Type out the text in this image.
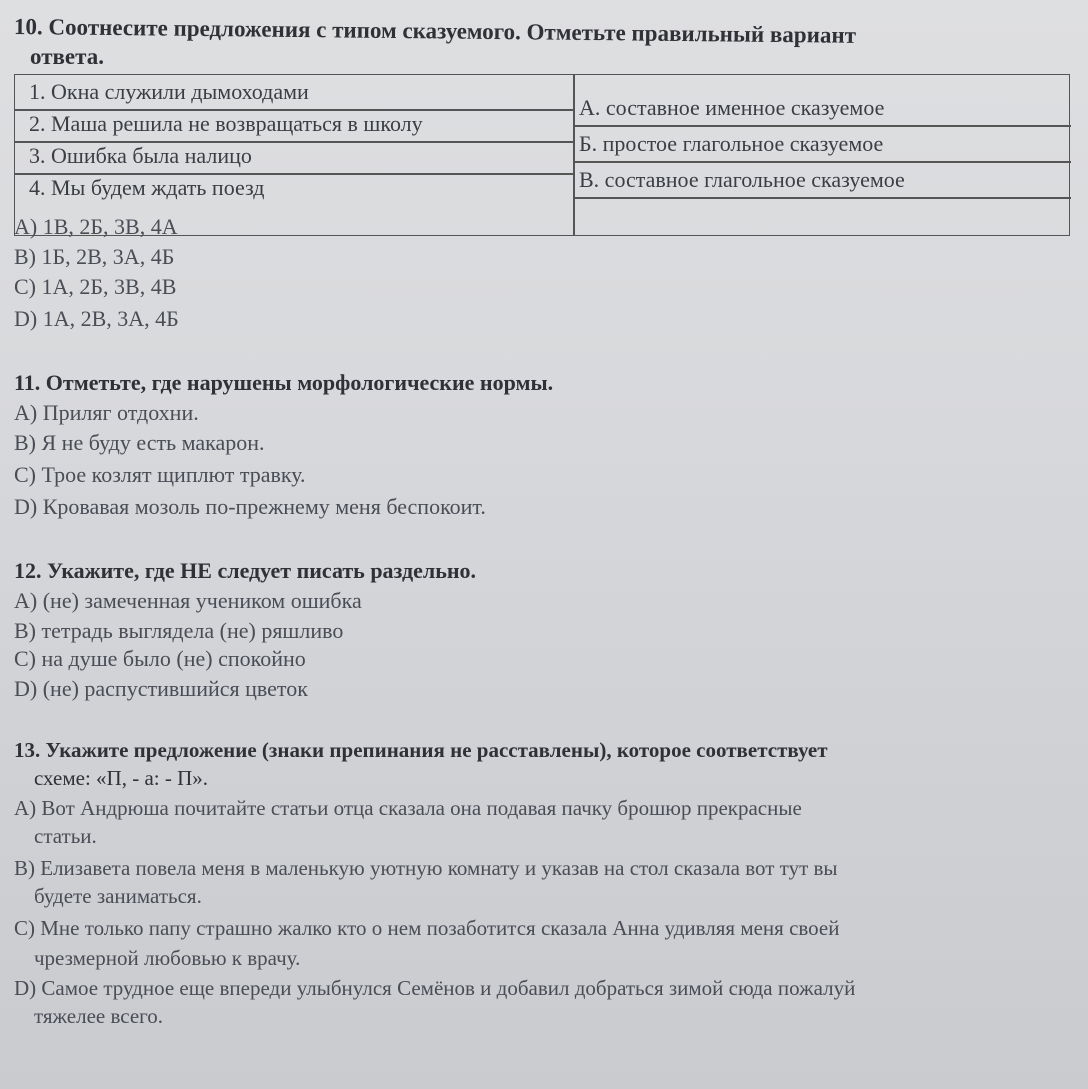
10. Соотнесите предложения с типом сказуемого. Отметьте правильный вариант
ответа.
1. Окна служили дымоходами
2. Маша решила не возвращаться в школу
3. Ошибка была налицо
4. Мы будем ждать поезд
А. составное именное сказуемое
Б. простое глагольное сказуемое
В. составное глагольное сказуемое
A) 1В, 2Б, 3В, 4А
B) 1Б, 2В, 3А, 4Б
C) 1А, 2Б, 3В, 4В
D) 1А, 2В, 3А, 4Б
11. Отметьте, где нарушены морфологические нормы.
A) Приляг отдохни.
B) Я не буду есть макарон.
C) Трое козлят щиплют травку.
D) Кровавая мозоль по-прежнему меня беспокоит.
12. Укажите, где НЕ следует писать раздельно.
A) (не) замеченная учеником ошибка
B) тетрадь выглядела (не) ряшливо
C) на душе было (не) спокойно
D) (не) распустившийся цветок
13. Укажите предложение (знаки препинания не расставлены), которое соответствует
схеме: «П, - а: - П».
A) Вот Андрюша почитайте статьи отца сказала она подавая пачку брошюр прекрасные
статьи.
B) Елизавета повела меня в маленькую уютную комнату и указав на стол сказала вот тут вы
будете заниматься.
C) Мне только папу страшно жалко кто о нем позаботится сказала Анна удивляя меня своей
чрезмерной любовью к врачу.
D) Самое трудное еще впереди улыбнулся Семёнов и добавил добраться зимой сюда пожалуй
тяжелее всего.
